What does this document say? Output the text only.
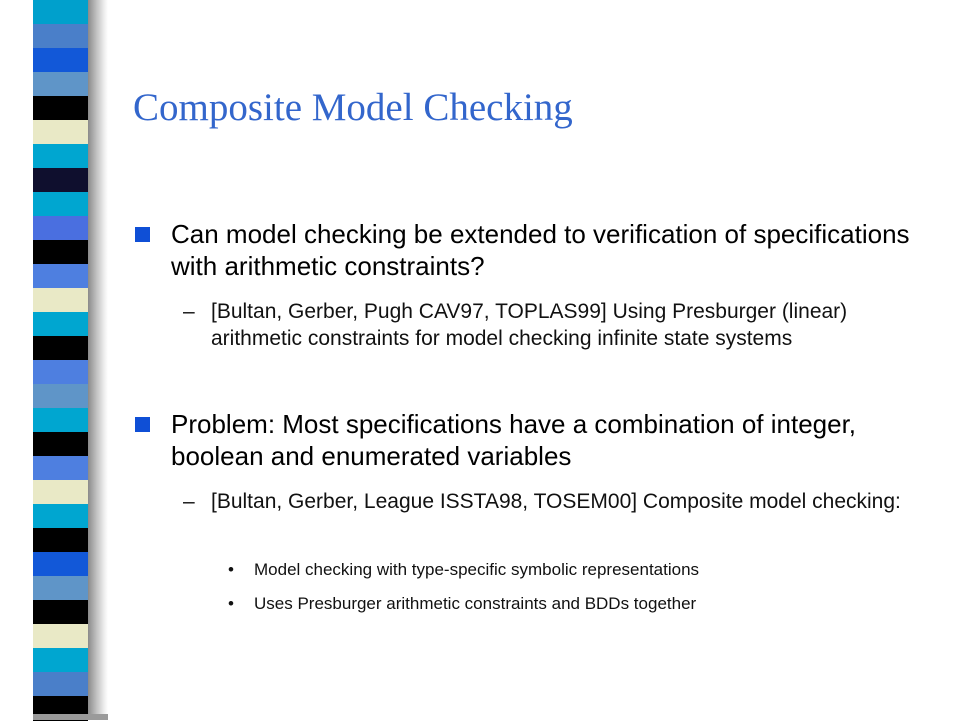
Composite Model Checking
Can model checking be extended to verification of specifications with arithmetic constraints?
– [Bultan, Gerber, Pugh CAV97, TOPLAS99] Using Presburger (linear) arithmetic constraints for model checking infinite state systems
Problem: Most specifications have a combination of integer, boolean and enumerated variables
– [Bultan, Gerber, League ISSTA98, TOSEM00] Composite model checking:
• Model checking with type-specific symbolic representations
• Uses Presburger arithmetic constraints and BDDs together
